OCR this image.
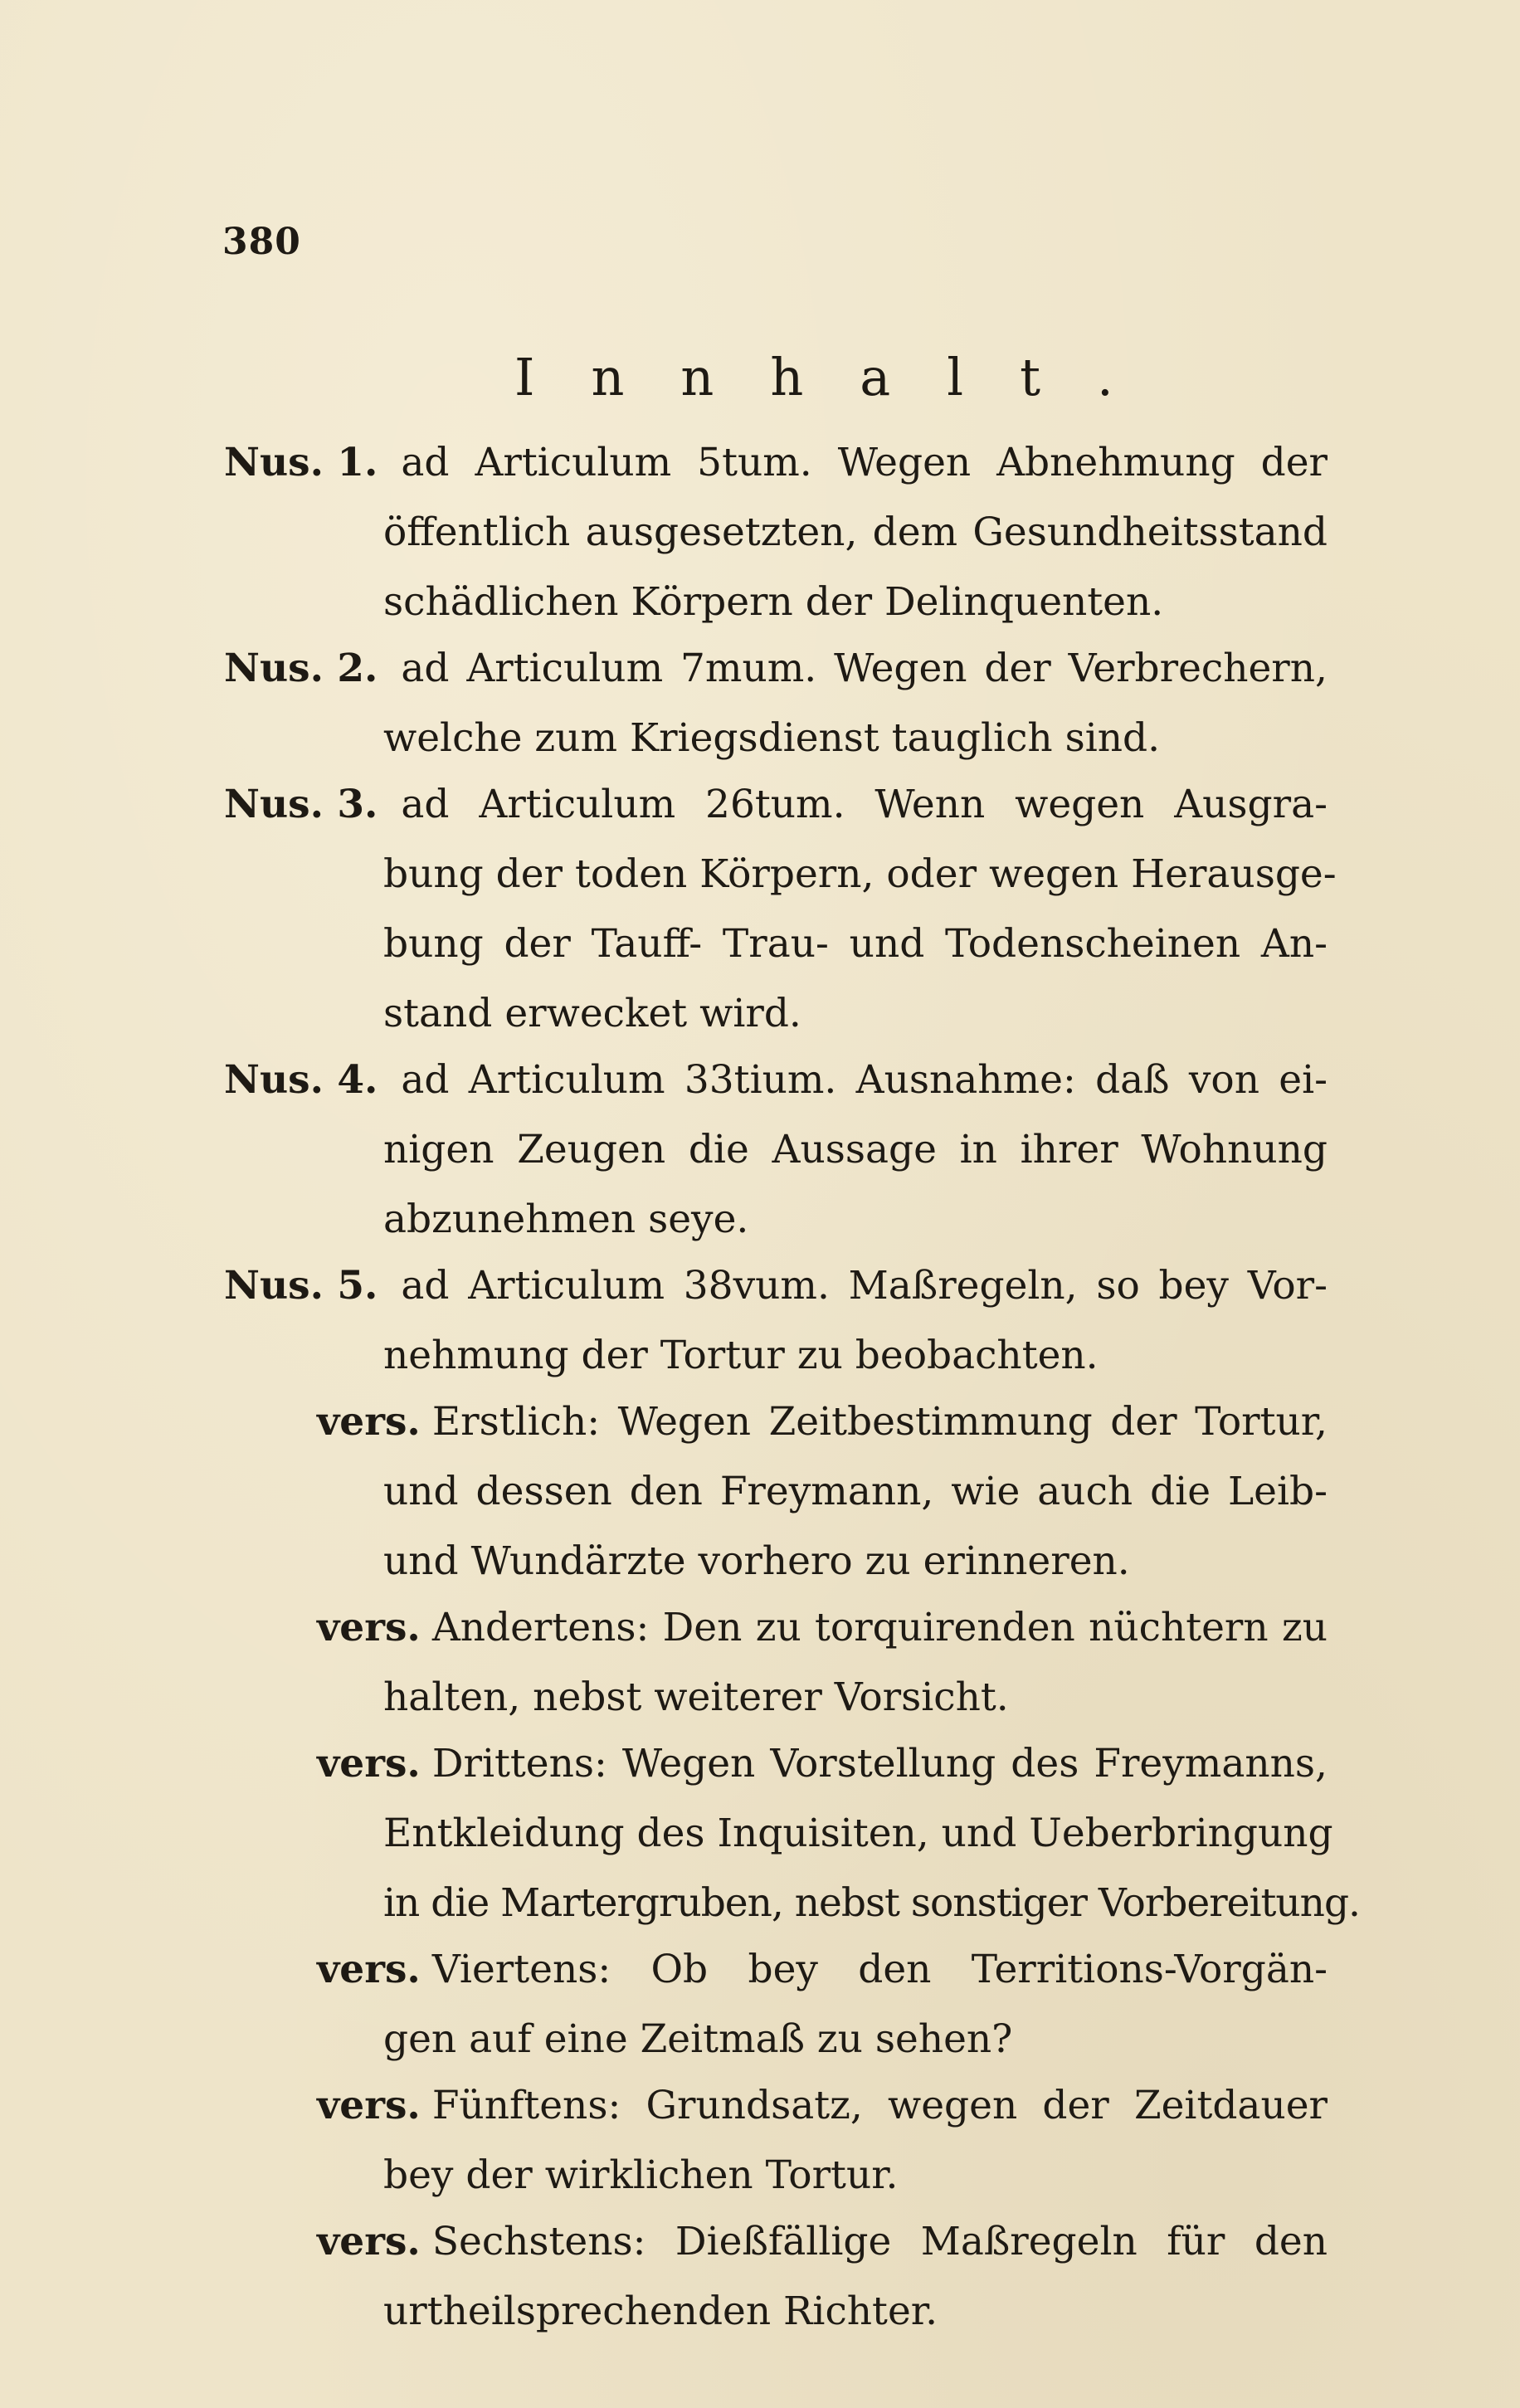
380
Innhalt.
Nus. 1. ad Articulum 5tum. Wegen Abnehmung der
öffentlich ausgesetzten, dem Gesundheitsstand
schädlichen Körpern der Delinquenten.
Nus. 2. ad Articulum 7mum. Wegen der Verbrechern,
welche zum Kriegsdienst tauglich sind.
Nus. 3. ad Articulum 26tum. Wenn wegen Ausgra-
bung der toden Körpern, oder wegen Herausge-
bung der Tauff- Trau- und Todenscheinen An-
stand erwecket wird.
Nus. 4. ad Articulum 33tium. Ausnahme: daß von ei-
nigen Zeugen die Aussage in ihrer Wohnung
abzunehmen seye.
Nus. 5. ad Articulum 38vum. Maßregeln, so bey Vor-
nehmung der Tortur zu beobachten.
vers. Erstlich: Wegen Zeitbestimmung der Tortur,
und dessen den Freymann, wie auch die Leib-
und Wundärzte vorhero zu erinneren.
vers. Andertens: Den zu torquirenden nüchtern zu
halten, nebst weiterer Vorsicht.
vers. Drittens: Wegen Vorstellung des Freymanns,
Entkleidung des Inquisiten, und Ueberbringung
in die Martergruben, nebst sonstiger Vorbereitung.
vers. Viertens: Ob bey den Territions-Vorgän-
gen auf eine Zeitmaß zu sehen?
vers. Fünftens: Grundsatz, wegen der Zeitdauer
bey der wirklichen Tortur.
vers. Sechstens: Dießfällige Maßregeln für den
urtheilsprechenden Richter.
